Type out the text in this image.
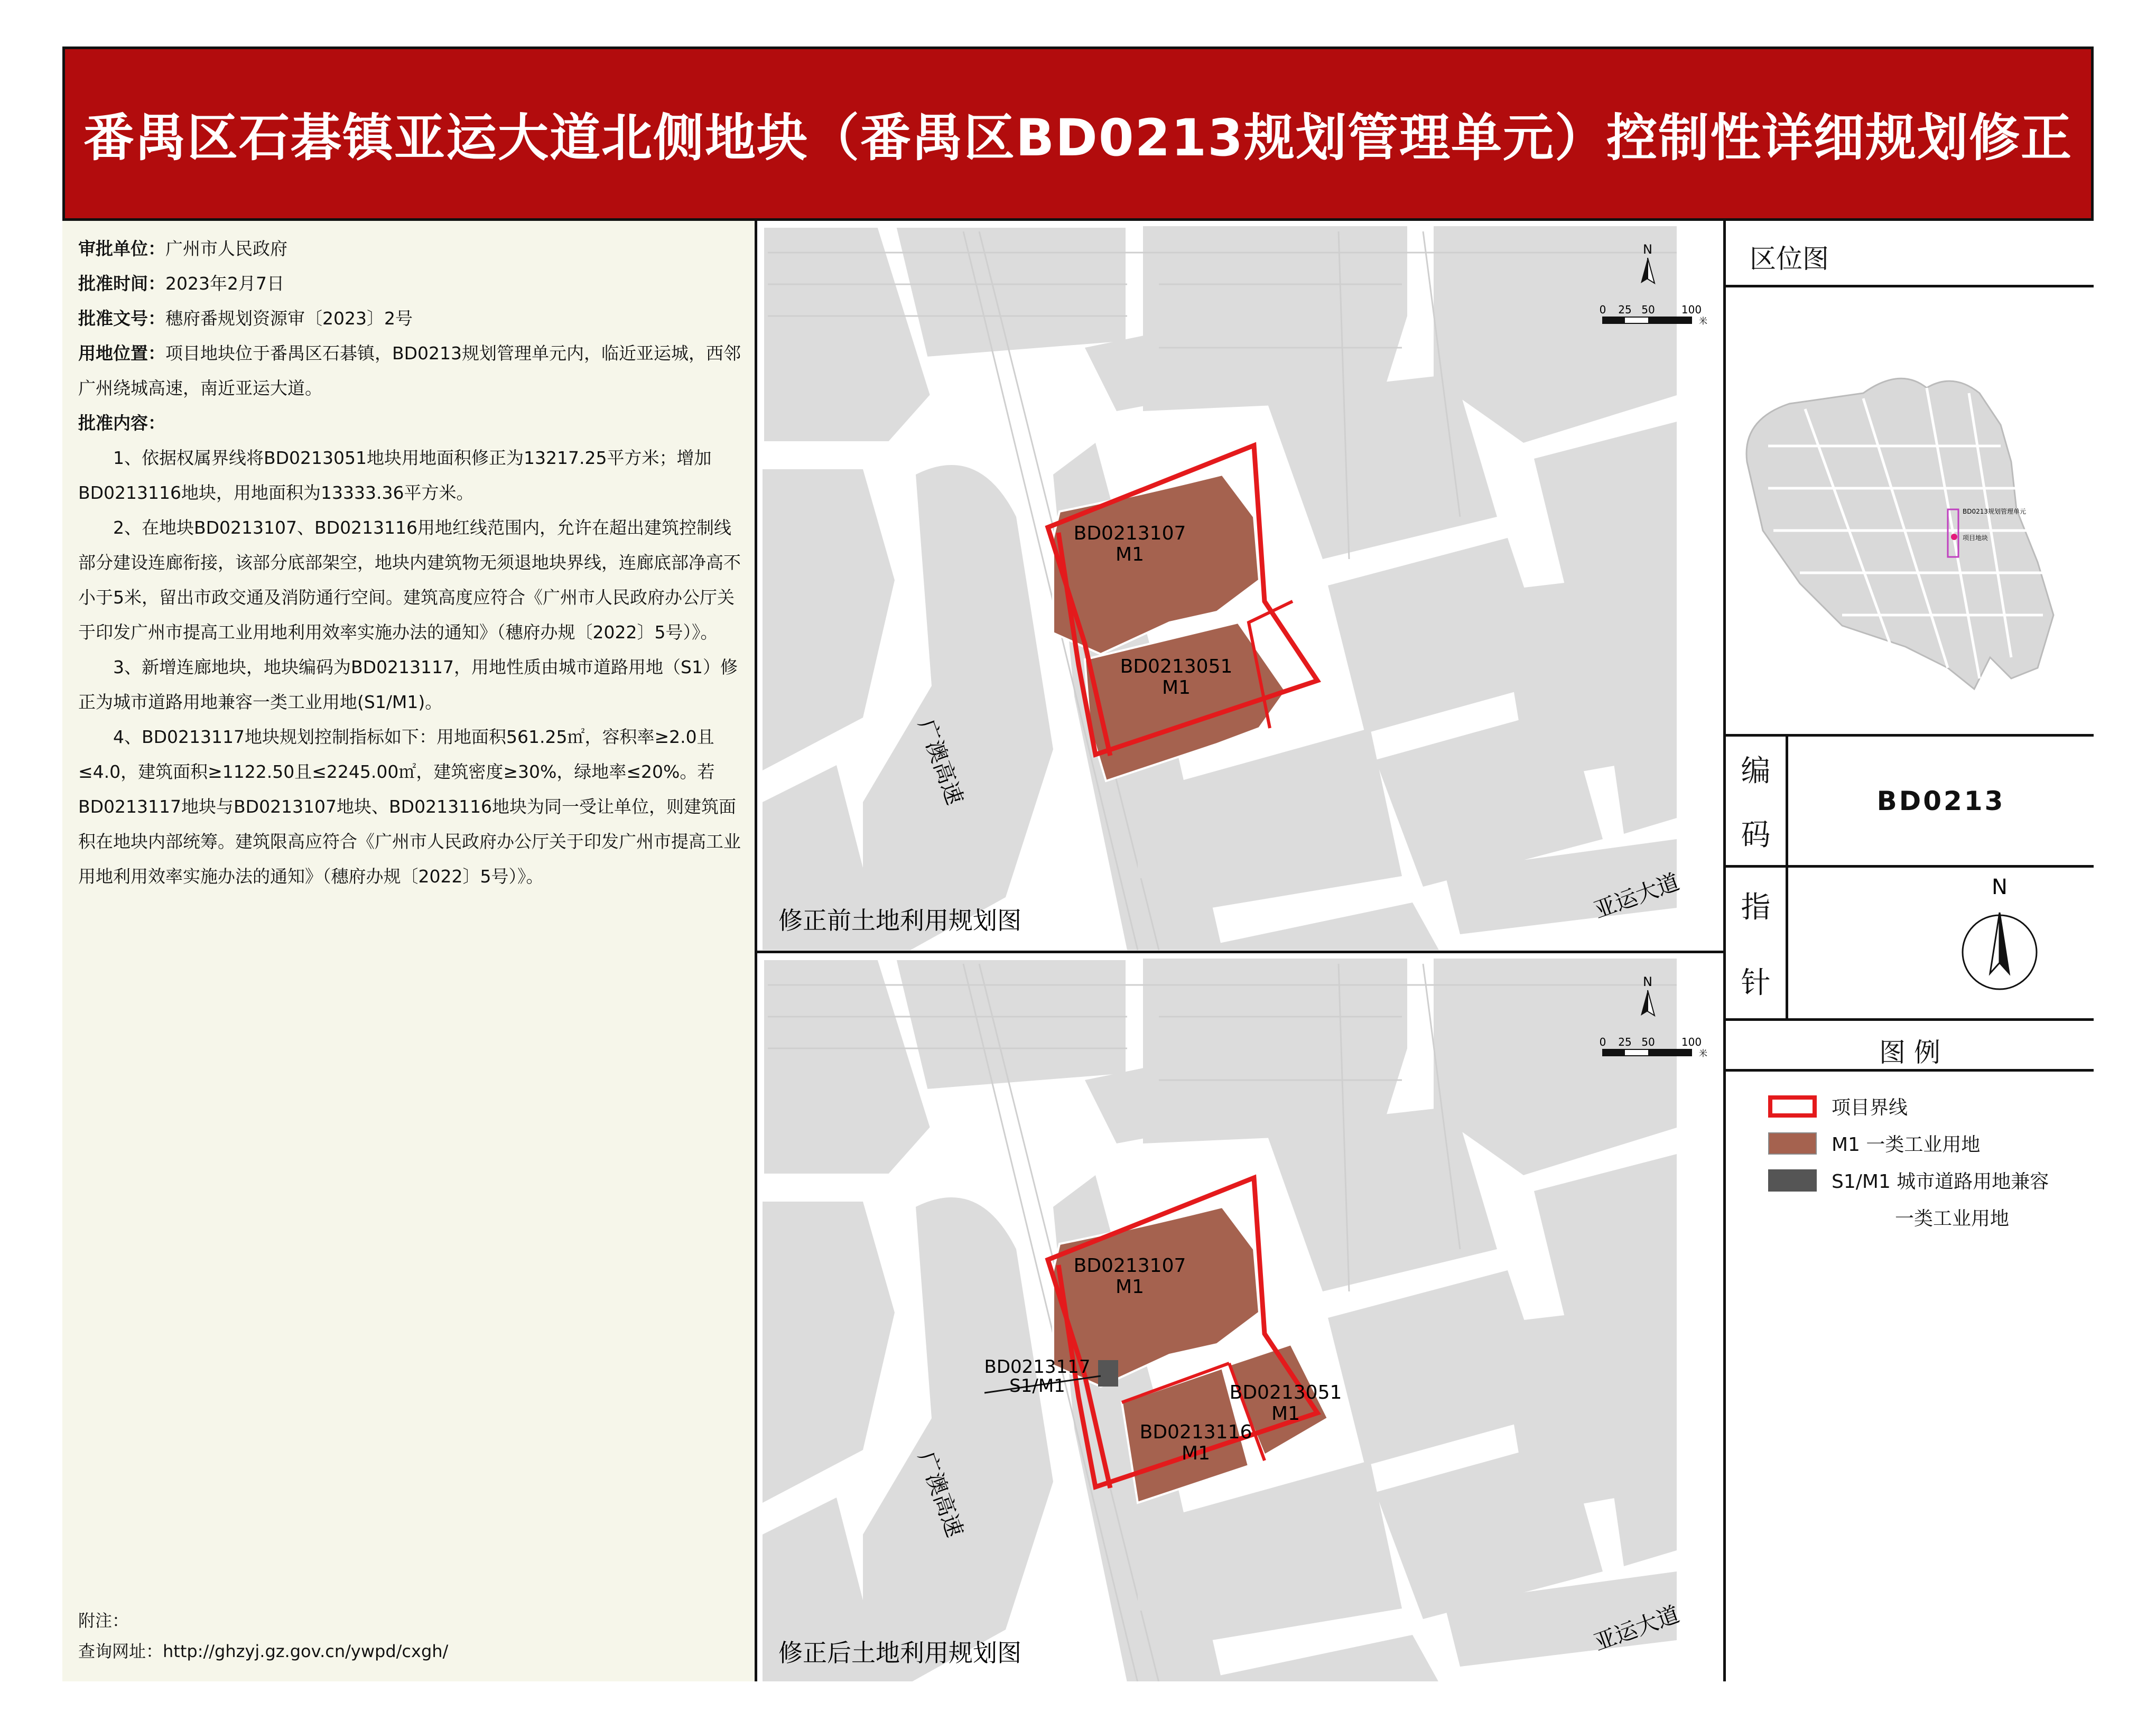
番禺区石碁镇亚运大道北侧地块（番禺区BD0213规划管理单元）控制性详细规划修正

审批单位：广州市人民政府

批准时间：2023年2月7日

批准文号：穗府番规划资源审〔2023〕2号

用地位置：项目地块位于番禺区石碁镇，BD0213规划管理单元内，临近亚运城，西邻广州绕城高速，南近亚运大道。

批准内容：

1、依据权属界线将BD0213051地块用地面积修正为13217.25平方米；增加BD0213116地块，用地面积为13333.36平方米。

2、在地块BD0213107、BD0213116用地红线范围内，允许在超出建筑控制线部分建设连廊衔接，该部分底部架空，地块内建筑物无须退地块界线，连廊底部净高不小于5米，留出市政交通及消防通行空间。建筑高度应符合《广州市人民政府办公厅关于印发广州市提高工业用地利用效率实施办法的通知》（穗府办规〔2022〕5号）》。

3、新增连廊地块，地块编码为BD0213117，用地性质由城市道路用地（S1）修正为城市道路用地兼容一类工业用地(S1/M1)。

4、BD0213117地块规划控制指标如下：用地面积561.25㎡，容积率≥2.0且≤4.0，建筑面积≥1122.50且≤2245.00㎡，建筑密度≥30%，绿地率≤20%。若BD0213117地块与BD0213107地块、BD0213116地块为同一受让单位，则建筑面积在地块内部统筹。建筑限高应符合《广州市人民政府办公厅关于印发广州市提高工业用地利用效率实施办法的通知》（穗府办规〔2022〕5号）》。

附注：
查询网址：http://ghzyj.gz.gov.cn/ywpd/cxgh/
BD0213107
M1
BD0213051
M1
广澳高速
亚运大道
修正前土地利用规划图
N
0 25 50	100
米
BD0213107
M1
BD0213051
M1
BD0213116
M1
BD0213117
S1/M1
广澳高速
亚运大道
修正后土地利用规划图
N
0 25 50	100
米
区位图
BD0213规划管理单元
项目地块
编
码
BD0213
指
针
N
图 例
项目界线
M1 一类工业用地
S1/M1 城市道路用地兼容
一类工业用地
